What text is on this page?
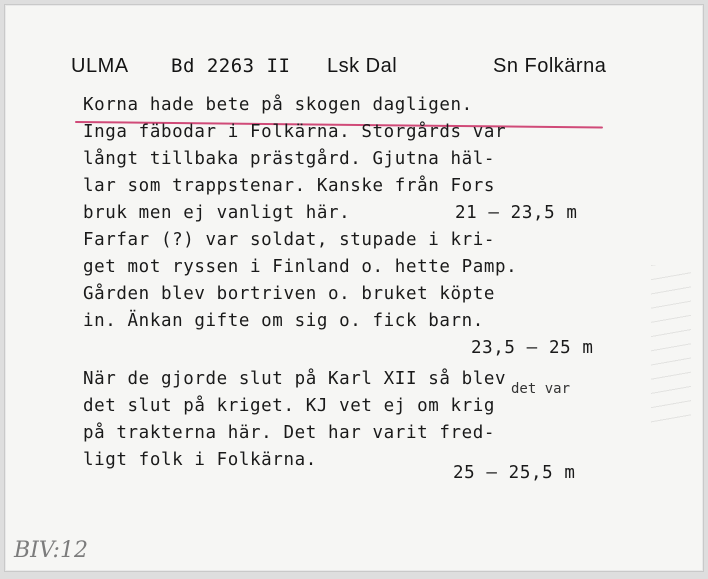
ULMA Bd 2263 II Lsk Dal	Sn Folkärna
Korna hade bete på skogen dagligen.
Inga fäbodar i Folkärna. Storgårds var
långt tillbaka prästgård. Gjutna häl-
lar som trappstenar. Kanske från Fors
bruk men ej vanligt här.	21 – 23,5 m
Farfar (?) var soldat, stupade i kri-
get mot ryssen i Finland o. hette Pamp.
Gården blev bortriven o. bruket köpte
in. Änkan gifte om sig o. fick barn.
23,5 – 25 m
det var
När de gjorde slut på Karl XII så blev
det slut på kriget. KJ vet ej om krig
på trakterna här. Det har varit fred-
ligt folk i Folkärna.
25 – 25,5 m
BIV:12
